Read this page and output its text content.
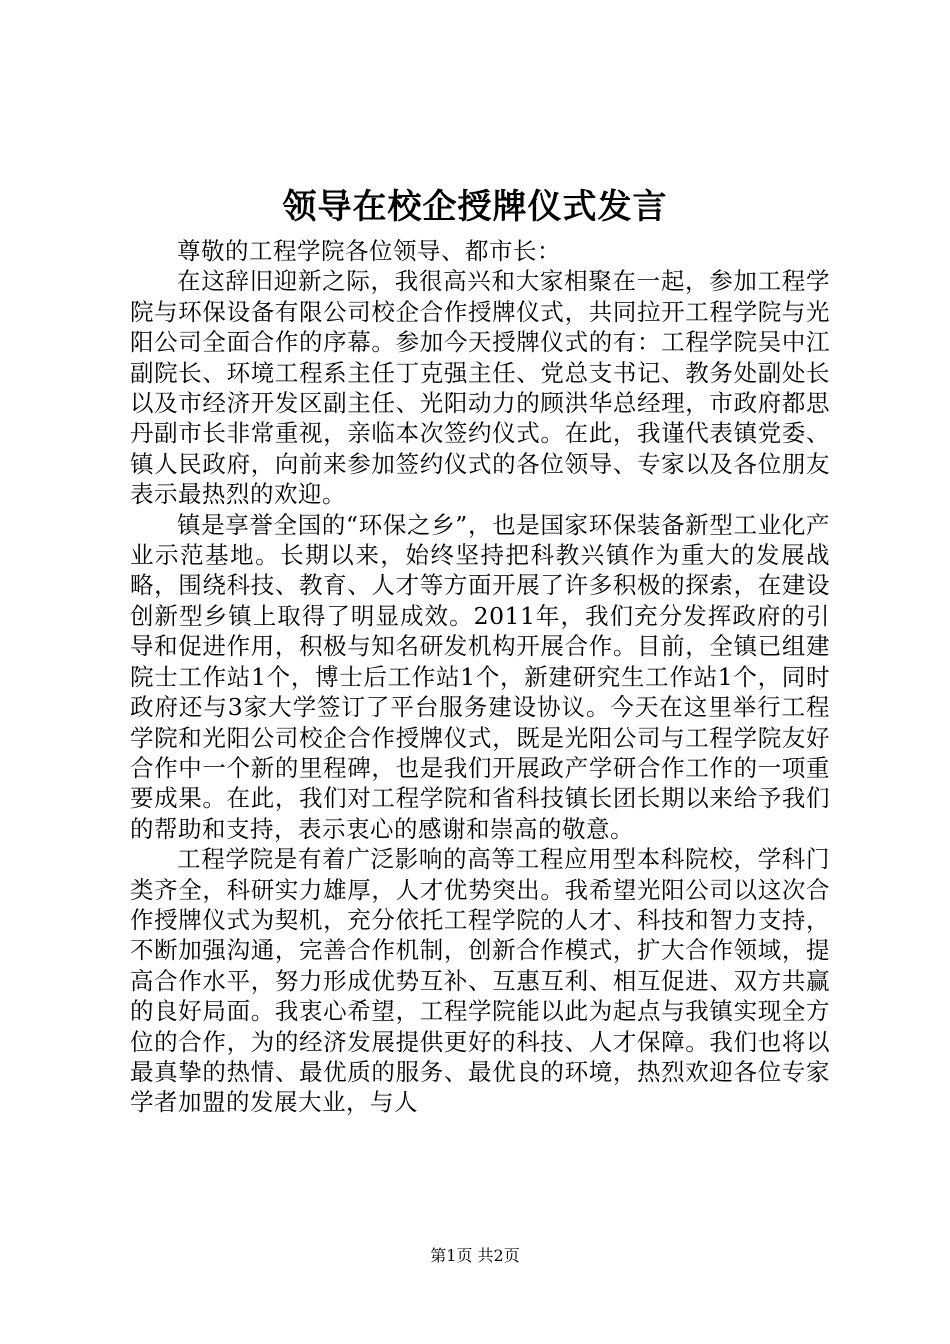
领导在校企授牌仪式发言

尊敬的工程学院各位领导、都市长：

在这辞旧迎新之际，我很高兴和大家相聚在一起，参加工程学院与环保设备有限公司校企合作授牌仪式，共同拉开工程学院与光阳公司全面合作的序幕。参加今天授牌仪式的有：工程学院吴中江副院长、环境工程系主任丁克强主任、党总支书记、教务处副处长以及市经济开发区副主任、光阳动力的顾洪华总经理，市政府都思丹副市长非常重视，亲临本次签约仪式。在此，我谨代表镇党委、镇人民政府，向前来参加签约仪式的各位领导、专家以及各位朋友表示最热烈的欢迎。

镇是享誉全国的“环保之乡”，也是国家环保装备新型工业化产业示范基地。长期以来，始终坚持把科教兴镇作为重大的发展战略，围绕科技、教育、人才等方面开展了许多积极的探索，在建设创新型乡镇上取得了明显成效。2011年，我们充分发挥政府的引导和促进作用，积极与知名研发机构开展合作。目前，全镇已组建院士工作站1个，博士后工作站1个，新建研究生工作站1个，同时政府还与3家大学签订了平台服务建设协议。今天在这里举行工程学院和光阳公司校企合作授牌仪式，既是光阳公司与工程学院友好合作中一个新的里程碑，也是我们开展政产学研合作工作的一项重要成果。在此，我们对工程学院和省科技镇长团长期以来给予我们的帮助和支持，表示衷心的感谢和崇高的敬意。

工程学院是有着广泛影响的高等工程应用型本科院校，学科门类齐全，科研实力雄厚，人才优势突出。我希望光阳公司以这次合作授牌仪式为契机，充分依托工程学院的人才、科技和智力支持，不断加强沟通，完善合作机制，创新合作模式，扩大合作领域，提高合作水平，努力形成优势互补、互惠互利、相互促进、双方共赢的良好局面。我衷心希望，工程学院能以此为起点与我镇实现全方位的合作，为的经济发展提供更好的科技、人才保障。我们也将以最真挚的热情、最优质的服务、最优良的环境，热烈欢迎各位专家学者加盟的发展大业，与人

第1页 共2页
